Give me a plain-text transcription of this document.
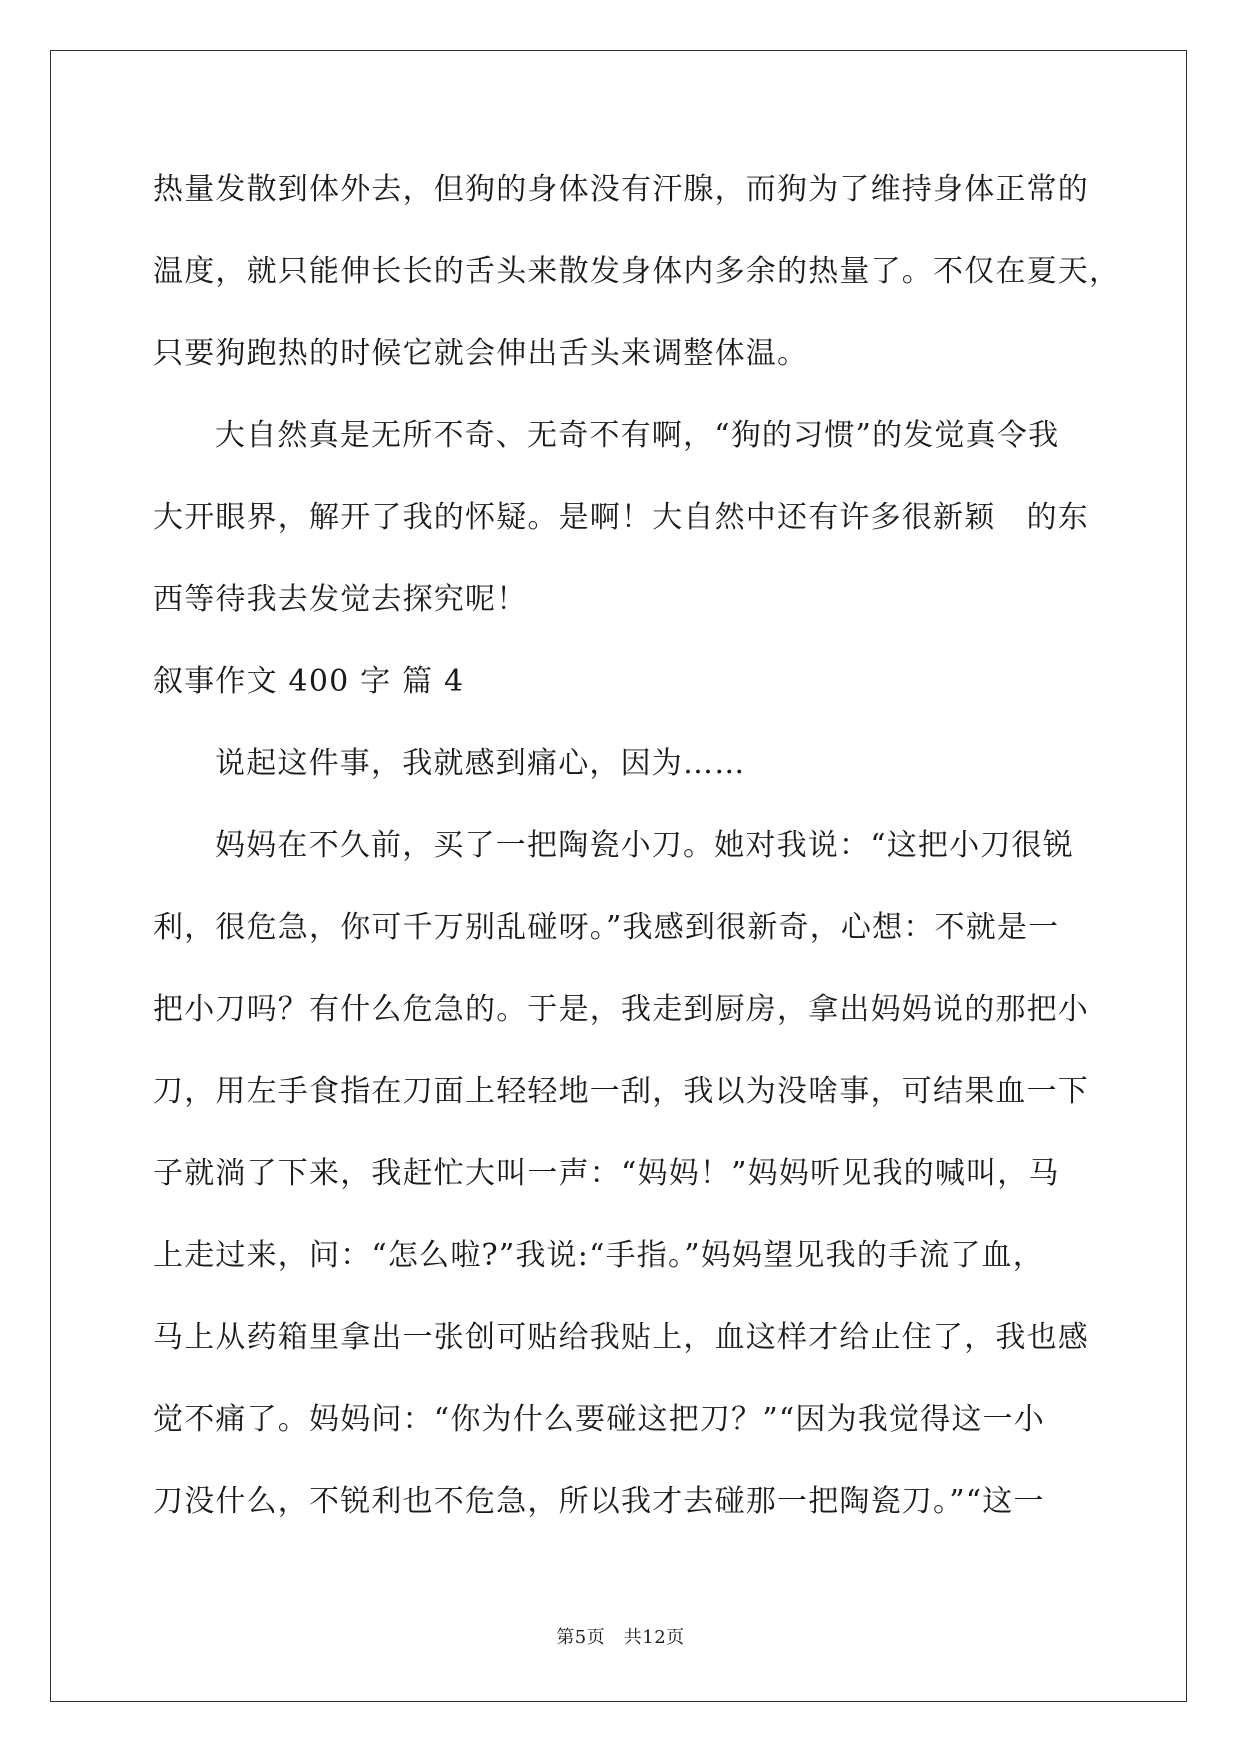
热量发散到体外去，但狗的身体没有汗腺，而狗为了维持身体正常的
温度，就只能伸长长的舌头来散发身体内多余的热量了。不仅在夏天，
只要狗跑热的时候它就会伸出舌头来调整体温。
大自然真是无所不奇、无奇不有啊，“狗的习惯”的发觉真令我
大开眼界，解开了我的怀疑。是啊！大自然中还有许多很新颖　的东
西等待我去发觉去探究呢！
叙事作文 400 字 篇 4
说起这件事，我就感到痛心，因为……
妈妈在不久前，买了一把陶瓷小刀。她对我说：“这把小刀很锐
利，很危急，你可千万别乱碰呀。”我感到很新奇，心想：不就是一
把小刀吗？有什么危急的。于是，我走到厨房，拿出妈妈说的那把小
刀，用左手食指在刀面上轻轻地一刮，我以为没啥事，可结果血一下
子就淌了下来，我赶忙大叫一声：“妈妈！”妈妈听见我的喊叫，马
上走过来，问：“怎么啦?”我说:“手指。”妈妈望见我的手流了血，
马上从药箱里拿出一张创可贴给我贴上，血这样才给止住了，我也感
觉不痛了。妈妈问：“你为什么要碰这把刀？”“因为我觉得这一小
刀没什么，不锐利也不危急，所以我才去碰那一把陶瓷刀。”“这一
第5页　共12页
